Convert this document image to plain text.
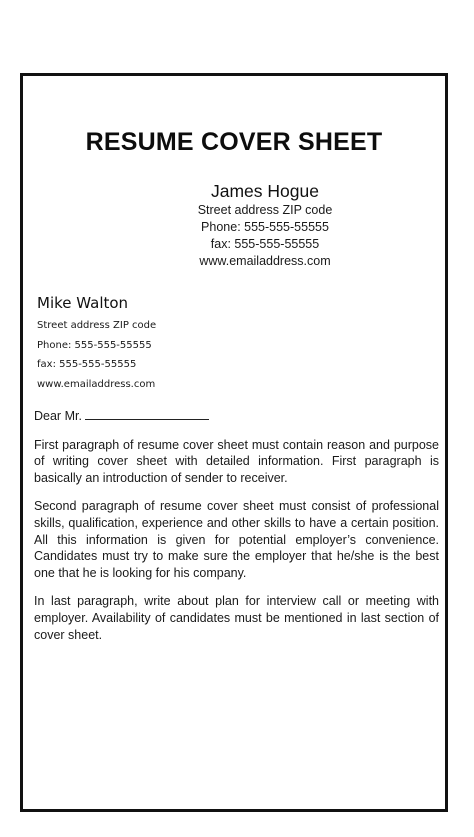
RESUME COVER SHEET
James Hogue
Street address ZIP code
Phone: 555-555-55555
fax: 555-555-55555
www.emailaddress.com
Mike Walton
Street address ZIP code
Phone: 555-555-55555
fax: 555-555-55555
www.emailaddress.com
Dear Mr.

First paragraph of resume cover sheet must contain reason and purpose of writing cover sheet with detailed information. First paragraph is basically an introduction of sender to receiver.

Second paragraph of resume cover sheet must consist of professional skills, qualification, experience and other skills to have a certain position. All this information is given for potential employer’s convenience. Candidates must try to make sure the employer that he/she is the best one that he is looking for his company.

In last paragraph, write about plan for interview call or meeting with employer. Availability of candidates must be mentioned in last section of cover sheet.
